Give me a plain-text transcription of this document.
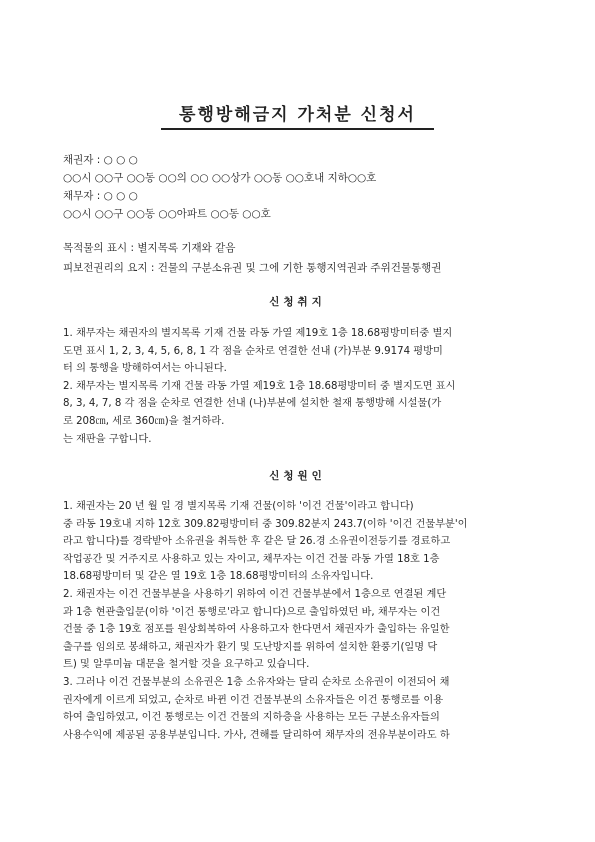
통행방해금지 가처분 신청서
채권자 : ○ ○ ○
○○시 ○○구 ○○동 ○○의 ○○ ○○상가 ○○동 ○○호내 지하○○호
채무자 : ○ ○ ○
○○시 ○○구 ○○동 ○○아파트 ○○동 ○○호
목적물의 표시 : 별지목록 기재와 같음
피보전권리의 요지 : 건물의 구분소유권 및 그에 기한 통행지역권과 주위건물통행권
신청취지
1. 채무자는 채권자의 별지목록 기재 건물 라동 가열 제19호 1층 18.68평방미터중 별지
도면 표시 1, 2, 3, 4, 5, 6, 8, 1 각 점을 순차로 연결한 선내 (가)부분 9.9174 평방미
터 의 통행을 방해하여서는 아니된다.
2. 채무자는 별지목록 기재 건물 라동 가열 제19호 1층 18.68평방미터 중 별지도면 표시
8, 3, 4, 7, 8 각 점을 순차로 연결한 선내 (나)부분에 설치한 철재 통행방해 시설물(가
로 208㎝, 세로 360㎝)을 철거하라.
는 재판을 구합니다.
신청원인
1. 채권자는 20 년 월 일 경 별지목록 기재 건물(이하 '이건 건물'이라고 합니다)
중 라동 19호내 지하 12호 309.82평방미터 중 309.82분지 243.7(이하 '이건 건물부분'이
라고 합니다)를 경락받아 소유권을 취득한 후 같은 달 26.경 소유권이전등기를 경료하고
작업공간 및 거주지로 사용하고 있는 자이고, 채무자는 이건 건물 라동 가열 18호 1층
18.68평방미터 및 같은 열 19호 1층 18.68평방미터의 소유자입니다.
2. 채권자는 이건 건물부분을 사용하기 위하여 이건 건물부분에서 1층으로 연결된 계단
과 1층 현관출입문(이하 '이건 통행로'라고 합니다)으로 출입하였던 바, 채무자는 이건
건물 중 1층 19호 점포를 원상회복하여 사용하고자 한다면서 채권자가 출입하는 유일한
출구를 임의로 봉쇄하고, 채권자가 환기 및 도난방지를 위하여 설치한 환풍기(일명 닥
트) 및 알루미늄 대문을 철거할 것을 요구하고 있습니다.
3. 그러나 이건 건물부분의 소유권은 1층 소유자와는 달리 순차로 소유권이 이전되어 채
권자에게 이르게 되었고, 순차로 바뀐 이건 건물부분의 소유자들은 이건 통행로를 이용
하여 출입하였고, 이건 통행로는 이건 건물의 지하층을 사용하는 모든 구분소유자들의
사용수익에 제공된 공용부분입니다. 가사, 견해를 달리하여 채무자의 전유부분이라도 하
